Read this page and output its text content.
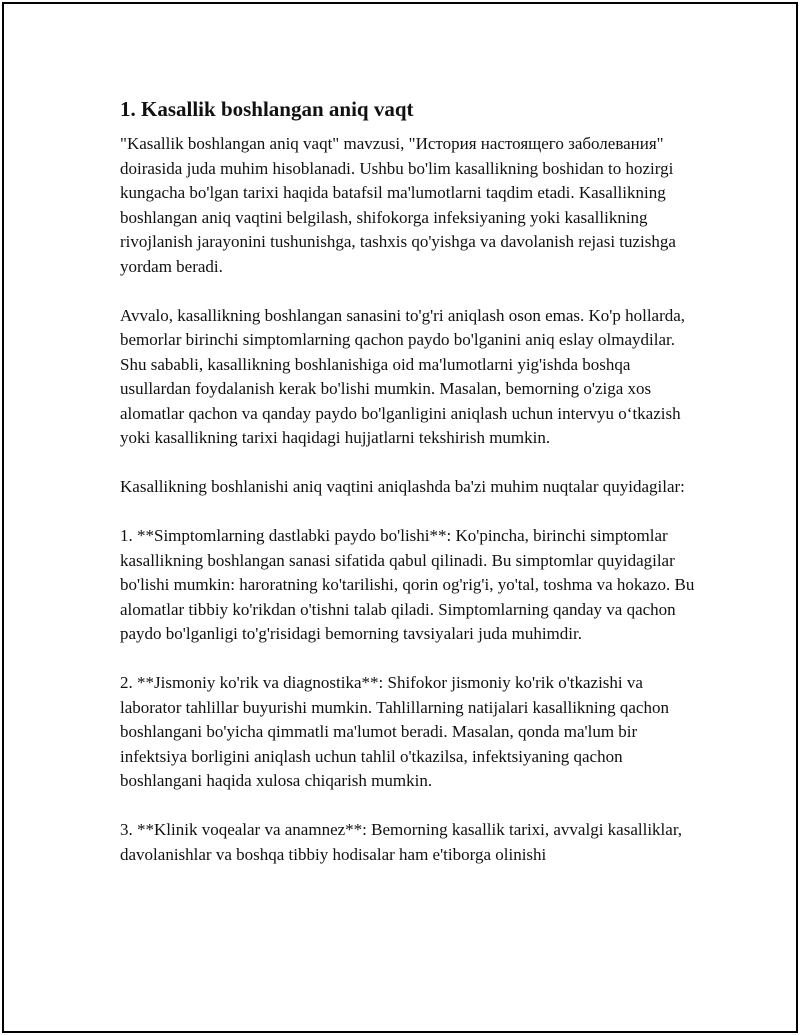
1. Kasallik boshlangan aniq vaqt

"Kasallik boshlangan aniq vaqt" mavzusi, "История настоящего заболевания" doirasida juda muhim hisoblanadi. Ushbu bo'lim kasallikning boshidan to hozirgi kungacha bo'lgan tarixi haqida batafsil ma'lumotlarni taqdim etadi. Kasallikning boshlangan aniq vaqtini belgilash, shifokorga infeksiyaning yoki kasallikning rivojlanish jarayonini tushunishga, tashxis qo'yishga va davolanish rejasi tuzishga yordam beradi.

Avvalo, kasallikning boshlangan sanasini to'g'ri aniqlash oson emas. Ko'p hollarda, bemorlar birinchi simptomlarning qachon paydo bo'lganini aniq eslay olmaydilar. Shu sababli, kasallikning boshlanishiga oid ma'lumotlarni yig'ishda boshqa usullardan foydalanish kerak bo'lishi mumkin. Masalan, bemorning o'ziga xos alomatlar qachon va qanday paydo bo'lganligini aniqlash uchun intervyu oʻtkazish yoki kasallikning tarixi haqidagi hujjatlarni tekshirish mumkin.

Kasallikning boshlanishi aniq vaqtini aniqlashda ba'zi muhim nuqtalar quyidagilar:

1. **Simptomlarning dastlabki paydo bo'lishi**: Ko'pincha, birinchi simptomlar kasallikning boshlangan sanasi sifatida qabul qilinadi. Bu simptomlar quyidagilar bo'lishi mumkin: haroratning ko'tarilishi, qorin og'rig'i, yo'tal, toshma va hokazo. Bu alomatlar tibbiy ko'rikdan o'tishni talab qiladi. Simptomlarning qanday va qachon paydo bo'lganligi to'g'risidagi bemorning tavsiyalari juda muhimdir.

2. **Jismoniy ko'rik va diagnostika**: Shifokor jismoniy ko'rik o'tkazishi va laborator tahlillar buyurishi mumkin. Tahlillarning natijalari kasallikning qachon boshlangani bo'yicha qimmatli ma'lumot beradi. Masalan, qonda ma'lum bir infektsiya borligini aniqlash uchun tahlil o'tkazilsa, infektsiyaning qachon boshlangani haqida xulosa chiqarish mumkin.

3. **Klinik voqealar va anamnez**: Bemorning kasallik tarixi, avvalgi kasalliklar, davolanishlar va boshqa tibbiy hodisalar ham e'tiborga olinishi
